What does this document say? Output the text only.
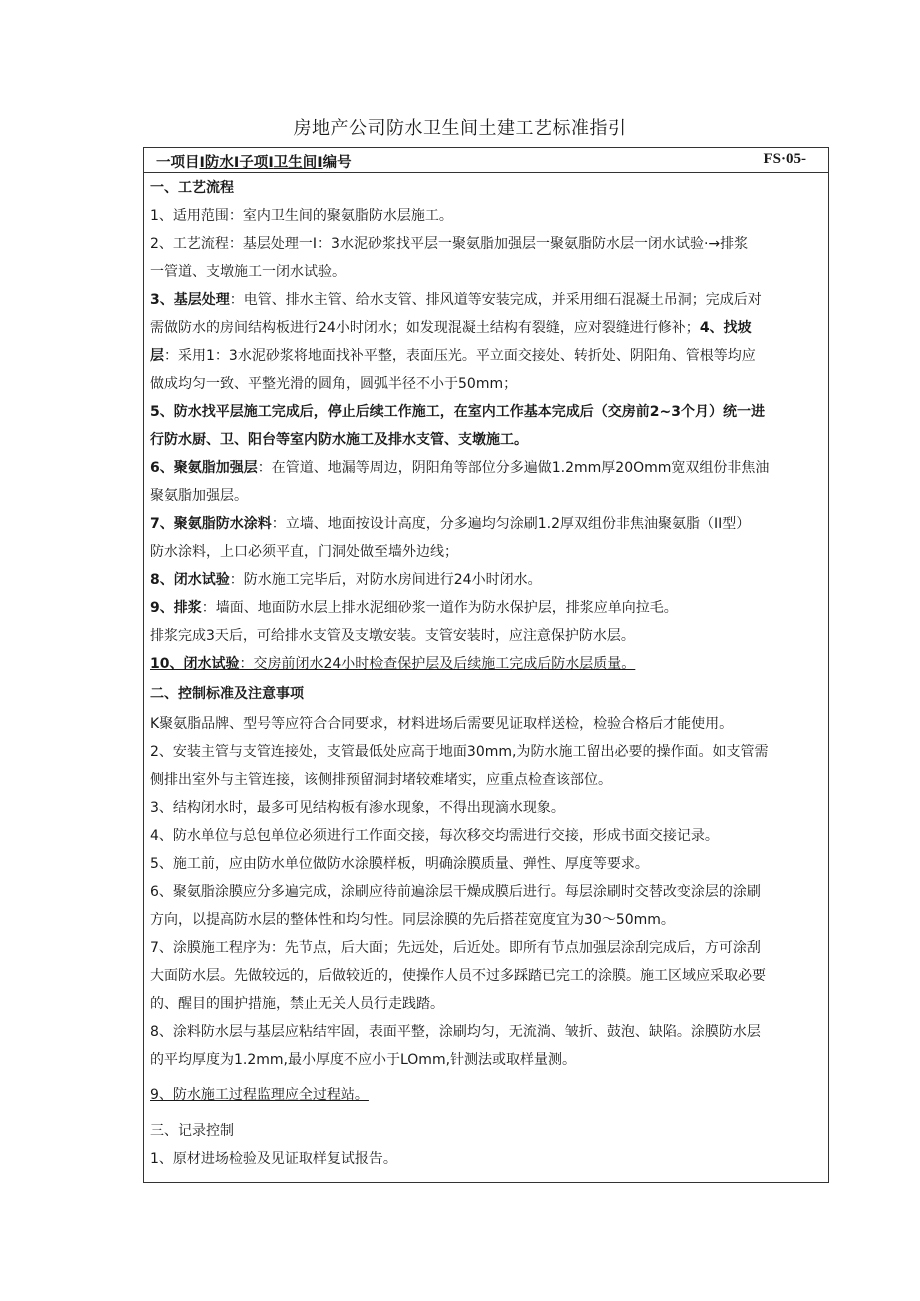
房地产公司防水卫生间土建工艺标准指引
一项目I防水I子项I卫生间I编号	FS·05-
一、工艺流程
1、适用范围：室内卫生间的聚氨脂防水层施工。
2、工艺流程：基层处理一I：3水泥砂浆找平层一聚氨脂加强层一聚氨脂防水层一闭水试验·→排浆
一管道、支墩施工一闭水试验。
3、基层处理：电管、排水主管、给水支管、排风道等安装完成，并采用细石混凝土吊洞；完成后对
需做防水的房间结构板进行24小时闭水；如发现混凝土结构有裂缝，应对裂缝进行修补；4、找坡
层：采用1：3水泥砂浆将地面找补平整，表面压光。平立面交接处、转折处、阴阳角、管根等均应
做成均匀一致、平整光滑的圆角，圆弧半径不小于50mm；
5、防水找平层施工完成后，停止后续工作施工，在室内工作基本完成后（交房前2~3个月）统一进
行防水厨、卫、阳台等室内防水施工及排水支管、支墩施工。
6、聚氨脂加强层：在管道、地漏等周边，阴阳角等部位分多遍做1.2mm厚20Omm宽双组份非焦油
聚氨脂加强层。
7、聚氨脂防水涂料：立墙、地面按设计高度，分多遍均匀涂刷1.2厚双组份非焦油聚氨脂（II型）
防水涂料，上口必须平直，门洞处做至墙外边线；
8、闭水试验：防水施工完毕后，对防水房间进行24小时闭水。
9、排浆：墙面、地面防水层上排水泥细砂浆一道作为防水保护层，排浆应单向拉毛。
排浆完成3天后，可给排水支管及支墩安装。支管安装时，应注意保护防水层。
10、闭水试验：交房前闭水24小时检查保护层及后续施工完成后防水层质量。
二、控制标准及注意事项
K聚氨脂品牌、型号等应符合合同要求，材料进场后需要见证取样送检，检验合格后才能使用。
2、安装主管与支管连接处，支管最低处应高于地面30mm,为防水施工留出必要的操作面。如支管需
侧排出室外与主管连接，该侧排预留洞封堵较难堵实，应重点检查该部位。
3、结构闭水时，最多可见结构板有渗水现象，不得出现滴水现象。
4、防水单位与总包单位必须进行工作面交接，每次移交均需进行交接，形成书面交接记录。
5、施工前，应由防水单位做防水涂膜样板，明确涂膜质量、弹性、厚度等要求。
6、聚氨脂涂膜应分多遍完成，涂刷应待前遍涂层干燥成膜后进行。每层涂刷时交替改变涂层的涂刷
方向，以提高防水层的整体性和均匀性。同层涂膜的先后搭茬宽度宜为30～50mm。
7、涂膜施工程序为：先节点，后大面；先远处，后近处。即所有节点加强层涂刮完成后，方可涂刮
大面防水层。先做较远的，后做较近的，使操作人员不过多踩踏已完工的涂膜。施工区域应采取必要
的、醒目的围护措施，禁止无关人员行走践踏。
8、涂料防水层与基层应粘结牢固，表面平整，涂刷均匀，无流淌、皱折、鼓泡、缺陷。涂膜防水层
的平均厚度为1.2mm,最小厚度不应小于LOmm,针测法或取样量测。
9、防水施工过程监理应全过程站。
三、记录控制
1、原材进场检验及见证取样复试报告。
